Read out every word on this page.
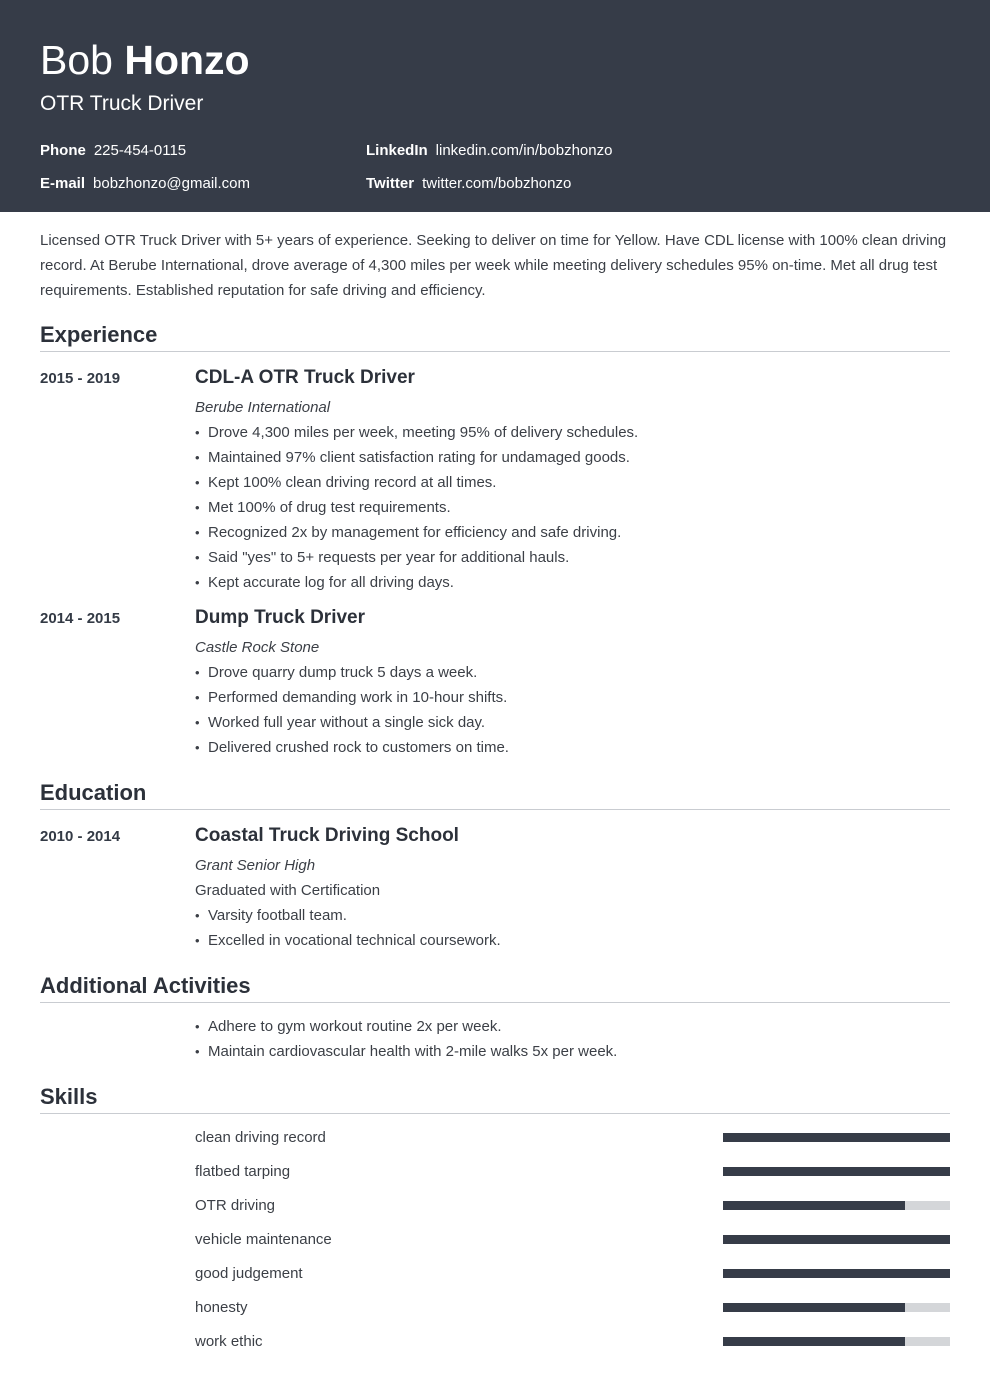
Bob Honzo
OTR Truck Driver
Phone 225-454-0115	LinkedIn linkedin.com/in/bobzhonzo
E-mail bobzhonzo@gmail.com	Twitter twitter.com/bobzhonzo
Licensed OTR Truck Driver with 5+ years of experience. Seeking to deliver on time for Yellow. Have CDL license with 100% clean driving record. At Berube International, drove average of 4,300 miles per week while meeting delivery schedules 95% on-time. Met all drug test requirements. Established reputation for safe driving and efficiency.
Experience
2015 - 2019	CDL-A OTR Truck Driver
Berube International
• Drove 4,300 miles per week, meeting 95% of delivery schedules.
• Maintained 97% client satisfaction rating for undamaged goods.
• Kept 100% clean driving record at all times.
• Met 100% of drug test requirements.
• Recognized 2x by management for efficiency and safe driving.
• Said "yes" to 5+ requests per year for additional hauls.
• Kept accurate log for all driving days.
2014 - 2015	Dump Truck Driver
Castle Rock Stone
• Drove quarry dump truck 5 days a week.
• Performed demanding work in 10-hour shifts.
• Worked full year without a single sick day.
• Delivered crushed rock to customers on time.
Education
2010 - 2014	Coastal Truck Driving School
Grant Senior High
Graduated with Certification
• Varsity football team.
• Excelled in vocational technical coursework.
Additional Activities
• Adhere to gym workout routine 2x per week.
• Maintain cardiovascular health with 2-mile walks 5x per week.
Skills
clean driving record
flatbed tarping
OTR driving
vehicle maintenance
good judgement
honesty
work ethic
